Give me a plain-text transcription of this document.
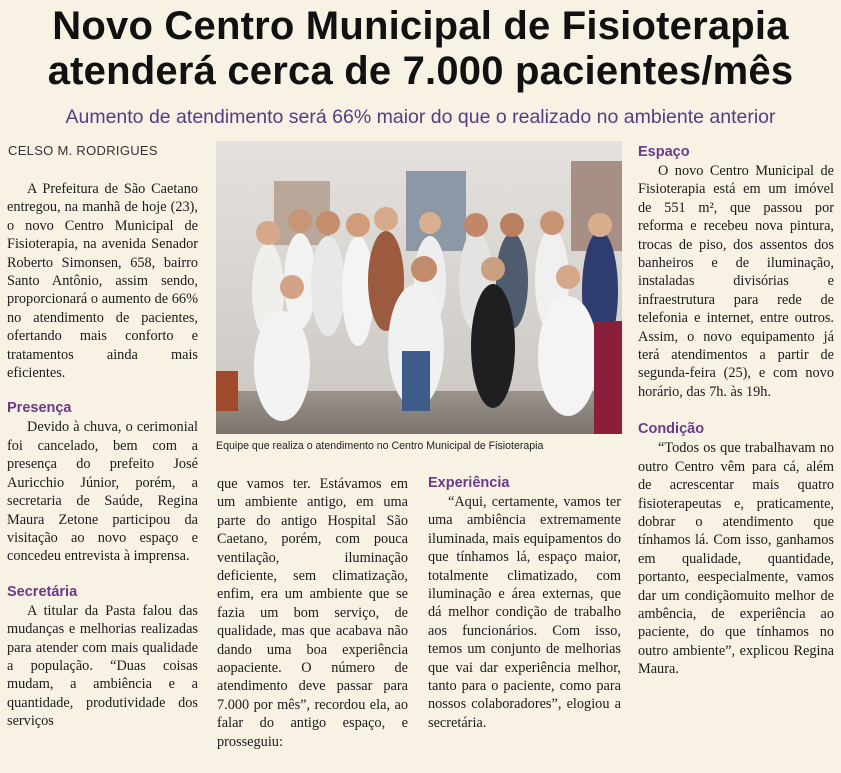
Novo Centro Municipal de Fisioterapia
atenderá cerca de 7.000 pacientes/mês
Aumento de atendimento será 66% maior do que o realizado no ambiente anterior
CELSO M. RODRIGUES

A Prefeitura de São Caetano entregou, na manhã de hoje (23), o novo Centro Municipal de Fisioterapia, na avenida Senador Roberto Simonsen, 658, bairro Santo Antônio, assim sendo, proporcionará o aumento de 66% no atendimento de pacientes, ofertando mais conforto e tratamentos ainda mais eficientes.

Presença

Devido à chuva, o cerimonial foi cancelado, bem com a presença do prefeito José Auricchio Júnior, porém, a secretaria de Saúde, Regina Maura Zetone participou da visitação ao novo espaço e concedeu entrevista à imprensa.

Secretária

A titular da Pasta falou das mudanças e melhorias realizadas para atender com mais qualidade a população. “Duas coisas mudam, a ambiência e a quantidade, produtividade dos serviços

Equipe que realiza o atendimento no Centro Municipal de Fisioterapia

que vamos ter. Estávamos em um ambiente antigo, em uma parte do antigo Hospital São Caetano, porém, com pouca ventilação, iluminação deficiente, sem climatização, enfim, era um ambiente que se fazia um bom serviço, de qualidade, mas que acabava não dando uma boa experiência aopaciente. O número de atendimento deve passar para 7.000 por mês”, recordou ela, ao falar do antigo espaço, e prosseguiu:

Experiência

“Aqui, certamente, vamos ter uma ambiência extremamente iluminada, mais equipamentos do que tínhamos lá, espaço maior, totalmente climatizado, com iluminação e área externas, que dá melhor condição de trabalho aos funcionários. Com isso, temos um conjunto de melhorias que vai dar experiência melhor, tanto para o paciente, como para nossos colaboradores”, elogiou a secretária.

Espaço

O novo Centro Municipal de Fisioterapia está em um imóvel de 551 m², que passou por reforma e recebeu nova pintura, trocas de piso, dos assentos dos banheiros e de iluminação, instaladas divisórias e infraestrutura para rede de telefonia e internet, entre outros. Assim, o novo equipamento já terá atendimentos a partir de segunda-feira (25), e com novo horário, das 7h. às 19h.

Condição

“Todos os que trabalhavam no outro Centro vêm para cá, além de acrescentar mais quatro fisioterapeutas e, praticamente, dobrar o atendimento que tínhamos lá. Com isso, ganhamos em qualidade, quantidade, portanto, eespecialmente, vamos dar um condiçãomuito melhor de ambência, de experiência ao paciente, do que tínhamos no outro ambiente”, explicou Regina Maura.
